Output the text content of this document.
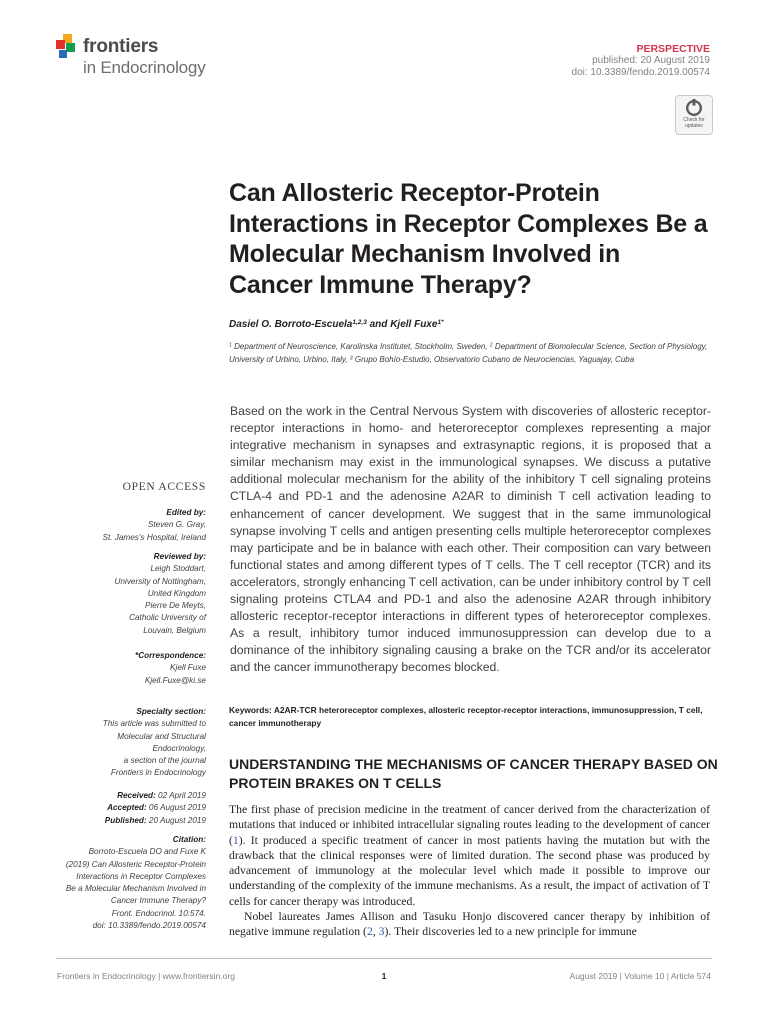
frontiers
in Endocrinology
PERSPECTIVE
published: 20 August 2019
doi: 10.3389/fendo.2019.00574
Check for
updates
Can Allosteric Receptor-Protein Interactions in Receptor Complexes Be a Molecular Mechanism Involved in Cancer Immune Therapy?
Dasiel O. Borroto-Escuela$^{1,2,3}$ and Kjell Fuxe$^{1*}$
$^1$ Department of Neuroscience, Karolinska Institutet, Stockholm, Sweden, $^2$ Department of Biomolecular Science, Section of Physiology, University of Urbino, Urbino, Italy, $^3$ Grupo Bohío-Estudio, Observatorio Cubano de Neurociencias, Yaguajay, Cuba
Based on the work in the Central Nervous System with discoveries of allosteric receptor-receptor interactions in homo- and heteroreceptor complexes representing a major integrative mechanism in synapses and extrasynaptic regions, it is proposed that a similar mechanism may exist in the immunological synapses. We discuss a putative additional molecular mechanism for the ability of the inhibitory T cell signaling proteins CTLA-4 and PD-1 and the adenosine A2AR to diminish T cell activation leading to enhancement of cancer development. We suggest that in the same immunological synapse involving T cells and antigen presenting cells multiple heteroreceptor complexes may participate and be in balance with each other. Their composition can vary between functional states and among different types of T cells. The T cell receptor (TCR) and its accelerators, strongly enhancing T cell activation, can be under inhibitory control by T cell signaling proteins CTLA4 and PD-1 and also the adenosine A2AR through inhibitory allosteric receptor-receptor interactions in different types of heteroreceptor complexes. As a result, inhibitory tumor induced immunosuppression can develop due to a dominance of the inhibitory signaling causing a brake on the TCR and/or its accelerator and the cancer immunotherapy becomes blocked.
Keywords: A2AR-TCR heteroreceptor complexes, allosteric receptor-receptor interactions, immunosuppression, T cell, cancer immunotherapy
UNDERSTANDING THE MECHANISMS OF CANCER THERAPY BASED ON PROTEIN BRAKES ON T CELLS

The first phase of precision medicine in the treatment of cancer derived from the characterization of mutations that induced or inhibited intracellular signaling routes leading to the development of cancer (1). It produced a specific treatment of cancer in most patients having the mutation but with the drawback that the clinical responses were of limited duration. The second phase was produced by advancement of immunology at the molecular level which made it possible to improve our understanding of the complexity of the immune mechanisms. As a result, the impact of activation of T cells for cancer therapy was introduced.

Nobel laureates James Allison and Tasuku Honjo discovered cancer therapy by inhibition of negative immune regulation (2, 3). Their discoveries led to a new principle for immune

OPEN ACCESS
Edited by:
Steven G. Gray,
St. James's Hospital, Ireland
Reviewed by:
Leigh Stoddart,
University of Nottingham,
United Kingdom
Pierre De Meyts,
Catholic University of
Louvain, Belgium
*Correspondence:
Kjell Fuxe
Kjell.Fuxe@ki.se
Specialty section:
This article was submitted to
Molecular and Structural
Endocrinology,
a section of the journal
Frontiers in Endocrinology
Received: 02 April 2019
Accepted: 06 August 2019
Published: 20 August 2019
Citation:
Borroto-Escuela DO and Fuxe K
(2019) Can Allosteric Receptor-Protein
Interactions in Receptor Complexes
Be a Molecular Mechanism Involved in
Cancer Immune Therapy?
Front. Endocrinol. 10:574.
doi: 10.3389/fendo.2019.00574
Frontiers in Endocrinology | www.frontiersin.org	1	August 2019 | Volume 10 | Article 574
